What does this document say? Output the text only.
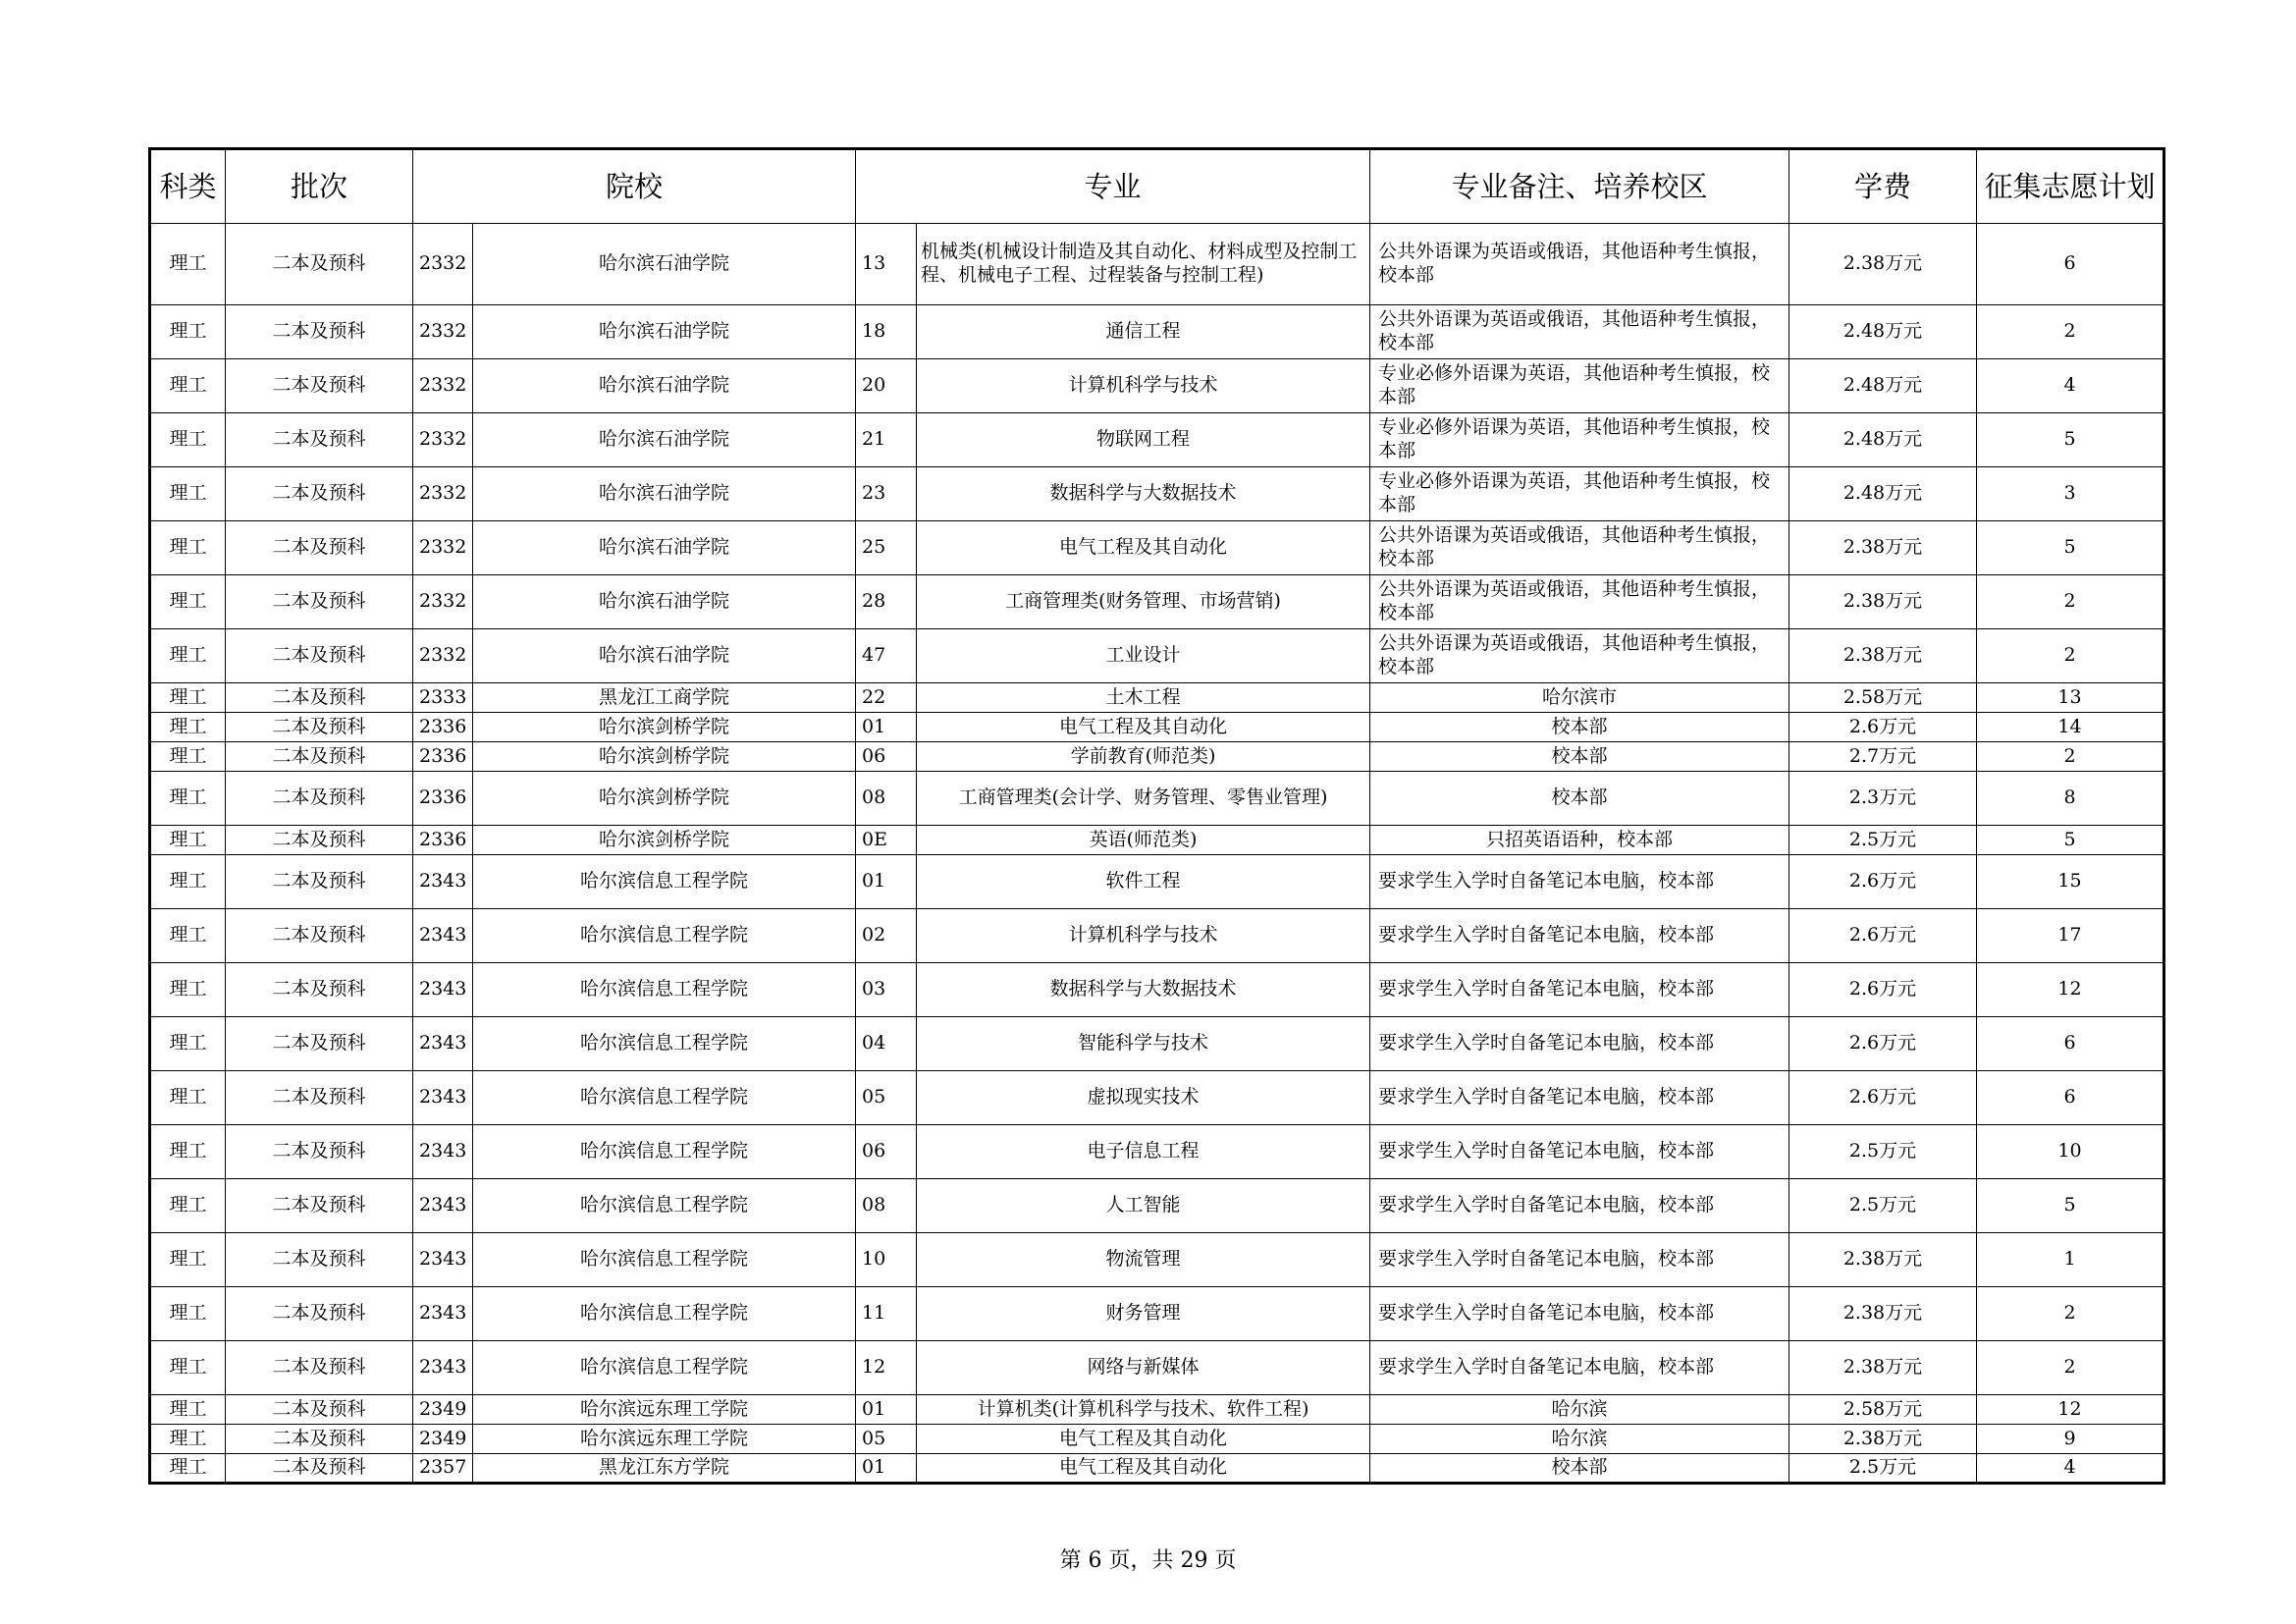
科类	批次	院校		专业		专业备注、培养校区	学费	征集志愿计划
理工	二本及预科	2332	哈尔滨石油学院	13	机械类(机械设计制造及其自动化、材料成型及控制工程、机械电子工程、过程装备与控制工程)	公共外语课为英语或俄语，其他语种考生慎报，校本部	2.38万元	6
理工	二本及预科	2332	哈尔滨石油学院	18	通信工程	公共外语课为英语或俄语，其他语种考生慎报，校本部	2.48万元	2
理工	二本及预科	2332	哈尔滨石油学院	20	计算机科学与技术	专业必修外语课为英语，其他语种考生慎报，校本部	2.48万元	4
理工	二本及预科	2332	哈尔滨石油学院	21	物联网工程	专业必修外语课为英语，其他语种考生慎报，校本部	2.48万元	5
理工	二本及预科	2332	哈尔滨石油学院	23	数据科学与大数据技术	专业必修外语课为英语，其他语种考生慎报，校本部	2.48万元	3
理工	二本及预科	2332	哈尔滨石油学院	25	电气工程及其自动化	公共外语课为英语或俄语，其他语种考生慎报，校本部	2.38万元	5
理工	二本及预科	2332	哈尔滨石油学院	28	工商管理类(财务管理、市场营销)	公共外语课为英语或俄语，其他语种考生慎报，校本部	2.38万元	2
理工	二本及预科	2332	哈尔滨石油学院	47	工业设计	公共外语课为英语或俄语，其他语种考生慎报，校本部	2.38万元	2
理工	二本及预科	2333	黑龙江工商学院	22	土木工程	哈尔滨市	2.58万元	13
理工	二本及预科	2336	哈尔滨剑桥学院	01	电气工程及其自动化	校本部	2.6万元	14
理工	二本及预科	2336	哈尔滨剑桥学院	06	学前教育(师范类)	校本部	2.7万元	2
理工	二本及预科	2336	哈尔滨剑桥学院	08	工商管理类(会计学、财务管理、零售业管理)	校本部	2.3万元	8
理工	二本及预科	2336	哈尔滨剑桥学院	0E	英语(师范类)	只招英语语种，校本部	2.5万元	5
理工	二本及预科	2343	哈尔滨信息工程学院	01	软件工程	要求学生入学时自备笔记本电脑，校本部	2.6万元	15
理工	二本及预科	2343	哈尔滨信息工程学院	02	计算机科学与技术	要求学生入学时自备笔记本电脑，校本部	2.6万元	17
理工	二本及预科	2343	哈尔滨信息工程学院	03	数据科学与大数据技术	要求学生入学时自备笔记本电脑，校本部	2.6万元	12
理工	二本及预科	2343	哈尔滨信息工程学院	04	智能科学与技术	要求学生入学时自备笔记本电脑，校本部	2.6万元	6
理工	二本及预科	2343	哈尔滨信息工程学院	05	虚拟现实技术	要求学生入学时自备笔记本电脑，校本部	2.6万元	6
理工	二本及预科	2343	哈尔滨信息工程学院	06	电子信息工程	要求学生入学时自备笔记本电脑，校本部	2.5万元	10
理工	二本及预科	2343	哈尔滨信息工程学院	08	人工智能	要求学生入学时自备笔记本电脑，校本部	2.5万元	5
理工	二本及预科	2343	哈尔滨信息工程学院	10	物流管理	要求学生入学时自备笔记本电脑，校本部	2.38万元	1
理工	二本及预科	2343	哈尔滨信息工程学院	11	财务管理	要求学生入学时自备笔记本电脑，校本部	2.38万元	2
理工	二本及预科	2343	哈尔滨信息工程学院	12	网络与新媒体	要求学生入学时自备笔记本电脑，校本部	2.38万元	2
理工	二本及预科	2349	哈尔滨远东理工学院	01	计算机类(计算机科学与技术、软件工程)	哈尔滨	2.58万元	12
理工	二本及预科	2349	哈尔滨远东理工学院	05	电气工程及其自动化	哈尔滨	2.38万元	9
理工	二本及预科	2357	黑龙江东方学院	01	电气工程及其自动化	校本部	2.5万元	4
第 6 页，共 29 页
